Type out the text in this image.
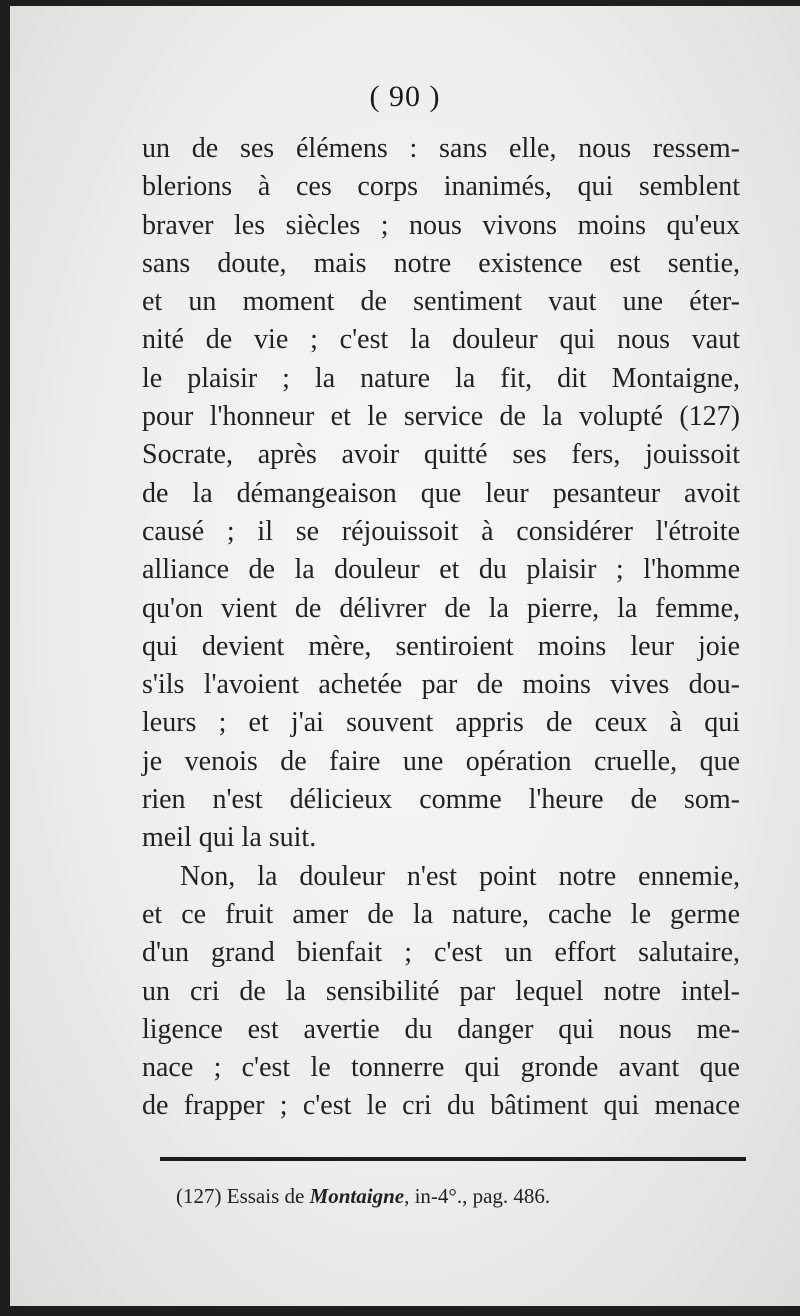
( 90 )
un de ses élémens : sans elle, nous ressem-
blerions à ces corps inanimés, qui semblent
braver les siècles ; nous vivons moins qu'eux
sans doute, mais notre existence est sentie,
et un moment de sentiment vaut une éter-
nité de vie ; c'est la douleur qui nous vaut
le plaisir ; la nature la fit, dit Montaigne,
pour l'honneur et le service de la volupté (127)
Socrate, après avoir quitté ses fers, jouissoit
de la démangeaison que leur pesanteur avoit
causé ; il se réjouissoit à considérer l'étroite
alliance de la douleur et du plaisir ; l'homme
qu'on vient de délivrer de la pierre, la femme,
qui devient mère, sentiroient moins leur joie
s'ils l'avoient achetée par de moins vives dou-
leurs ; et j'ai souvent appris de ceux à qui
je venois de faire une opération cruelle, que
rien n'est délicieux comme l'heure de som-
meil qui la suit.
Non, la douleur n'est point notre ennemie,
et ce fruit amer de la nature, cache le germe
d'un grand bienfait ; c'est un effort salutaire,
un cri de la sensibilité par lequel notre intel-
ligence est avertie du danger qui nous me-
nace ; c'est le tonnerre qui gronde avant que
de frapper ; c'est le cri du bâtiment qui menace
(127) Essais de Montaigne, in-4°., pag. 486.
